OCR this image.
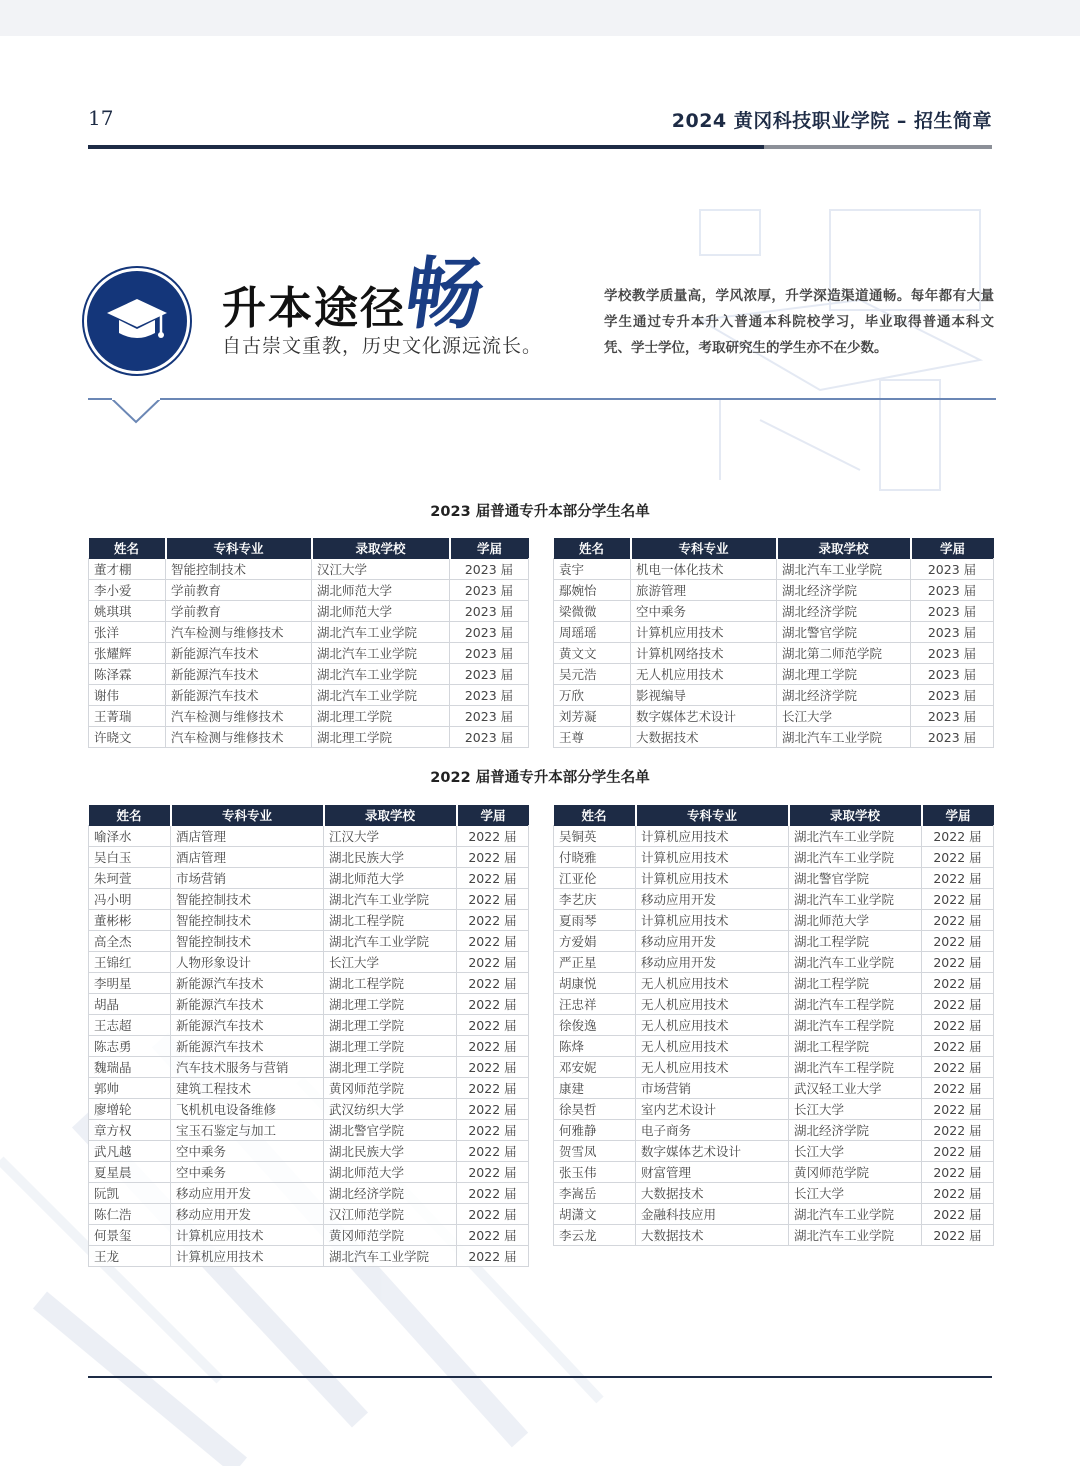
17	2024 黄冈科技职业学院 – 招生简章
升本途径
畅
自古崇文重教，历史文化源远流长。
学校教学质量高，学风浓厚，升学深造渠道通畅。每年都有大量学生通过专升本升入普通本科院校学习，毕业取得普通本科文凭、学士学位，考取研究生的学生亦不在少数。
2023 届普通专升本部分学生名单
姓名	专科专业	录取学校	学届
董才棚	智能控制技术	汉江大学	2023 届
李小爱	学前教育	湖北师范大学	2023 届
姚琪琪	学前教育	湖北师范大学	2023 届
张洋	汽车检测与维修技术	湖北汽车工业学院	2023 届
张耀辉	新能源汽车技术	湖北汽车工业学院	2023 届
陈泽霖	新能源汽车技术	湖北汽车工业学院	2023 届
谢伟	新能源汽车技术	湖北汽车工业学院	2023 届
王菁瑞	汽车检测与维修技术	湖北理工学院	2023 届
许晓文	汽车检测与维修技术	湖北理工学院	2023 届
姓名	专科专业	录取学校	学届
袁宇	机电一体化技术	湖北汽车工业学院	2023 届
鄢婉怡	旅游管理	湖北经济学院	2023 届
梁微微	空中乘务	湖北经济学院	2023 届
周瑶瑶	计算机应用技术	湖北警官学院	2023 届
黄文文	计算机网络技术	湖北第二师范学院	2023 届
吴元浩	无人机应用技术	湖北理工学院	2023 届
万欣	影视编导	湖北经济学院	2023 届
刘芳凝	数字媒体艺术设计	长江大学	2023 届
王尊	大数据技术	湖北汽车工业学院	2023 届
2022 届普通专升本部分学生名单
姓名	专科专业	录取学校	学届
喻泽水	酒店管理	江汉大学	2022 届
吴白玉	酒店管理	湖北民族大学	2022 届
朱珂萱	市场营销	湖北师范大学	2022 届
冯小明	智能控制技术	湖北汽车工业学院	2022 届
董彬彬	智能控制技术	湖北工程学院	2022 届
高全杰	智能控制技术	湖北汽车工业学院	2022 届
王锦红	人物形象设计	长江大学	2022 届
李明星	新能源汽车技术	湖北工程学院	2022 届
胡晶	新能源汽车技术	湖北理工学院	2022 届
王志超	新能源汽车技术	湖北理工学院	2022 届
陈志勇	新能源汽车技术	湖北理工学院	2022 届
魏瑞晶	汽车技术服务与营销	湖北理工学院	2022 届
郭帅	建筑工程技术	黄冈师范学院	2022 届
廖增轮	飞机机电设备维修	武汉纺织大学	2022 届
章方权	宝玉石鉴定与加工	湖北警官学院	2022 届
武凡越	空中乘务	湖北民族大学	2022 届
夏星晨	空中乘务	湖北师范大学	2022 届
阮凯	移动应用开发	湖北经济学院	2022 届
陈仁浩	移动应用开发	汉江师范学院	2022 届
何景玺	计算机应用技术	黄冈师范学院	2022 届
王龙	计算机应用技术	湖北汽车工业学院	2022 届
姓名	专科专业	录取学校	学届
吴铜英	计算机应用技术	湖北汽车工业学院	2022 届
付晓雅	计算机应用技术	湖北汽车工业学院	2022 届
江亚伦	计算机应用技术	湖北警官学院	2022 届
李艺庆	移动应用开发	湖北汽车工业学院	2022 届
夏雨琴	计算机应用技术	湖北师范大学	2022 届
方爱娟	移动应用开发	湖北工程学院	2022 届
严正星	移动应用开发	湖北汽车工业学院	2022 届
胡康悦	无人机应用技术	湖北工程学院	2022 届
汪忠祥	无人机应用技术	湖北汽车工程学院	2022 届
徐俊逸	无人机应用技术	湖北汽车工程学院	2022 届
陈烽	无人机应用技术	湖北工程学院	2022 届
邓安妮	无人机应用技术	湖北汽车工程学院	2022 届
康建	市场营销	武汉轻工业大学	2022 届
徐昊哲	室内艺术设计	长江大学	2022 届
何雅静	电子商务	湖北经济学院	2022 届
贺雪凤	数字媒体艺术设计	长江大学	2022 届
张玉伟	财富管理	黄冈师范学院	2022 届
李嵩岳	大数据技术	长江大学	2022 届
胡潇文	金融科技应用	湖北汽车工业学院	2022 届
李云龙	大数据技术	湖北汽车工业学院	2022 届
